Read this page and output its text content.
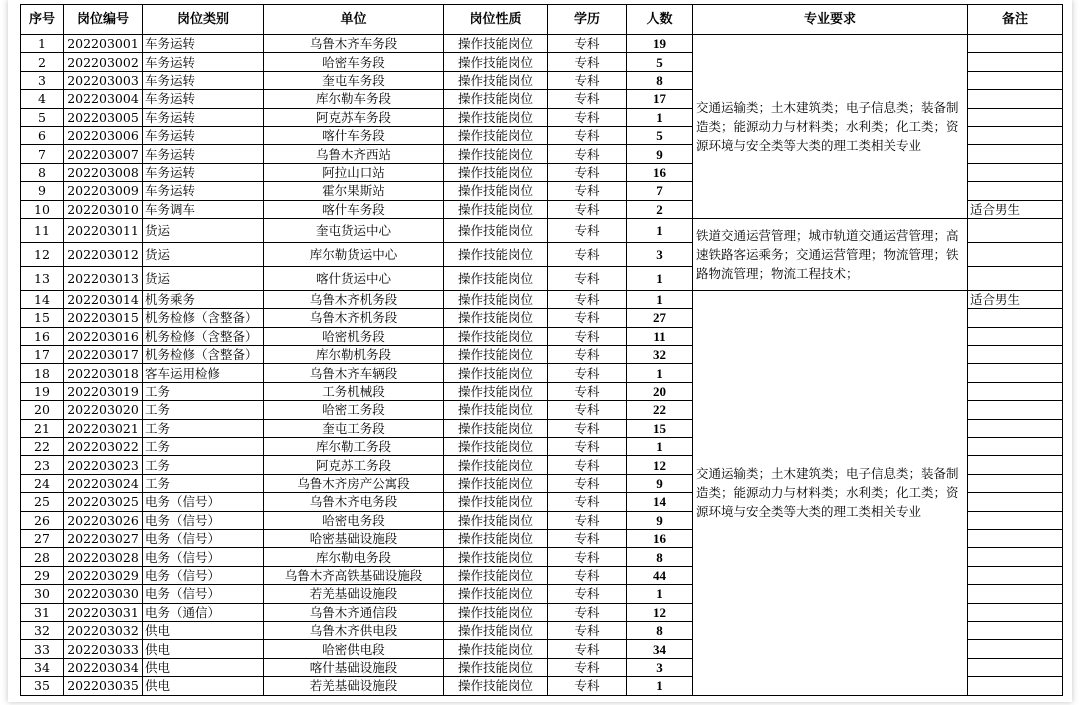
序号	岗位编号	岗位类别	单位	岗位性质	学历	人数	专业要求	备注
1	202203001	车务运转	乌鲁木齐车务段	操作技能岗位	专科	19	交通运输类；土木建筑类；电子信息类；装备制造类；能源动力与材料类；水利类；化工类；资源环境与安全类等大类的理工类相关专业	
2	202203002	车务运转	哈密车务段	操作技能岗位	专科	5		
3	202203003	车务运转	奎屯车务段	操作技能岗位	专科	8		
4	202203004	车务运转	库尔勒车务段	操作技能岗位	专科	17		
5	202203005	车务运转	阿克苏车务段	操作技能岗位	专科	1		
6	202203006	车务运转	喀什车务段	操作技能岗位	专科	5		
7	202203007	车务运转	乌鲁木齐西站	操作技能岗位	专科	9		
8	202203008	车务运转	阿拉山口站	操作技能岗位	专科	16		
9	202203009	车务运转	霍尔果斯站	操作技能岗位	专科	7		
10	202203010	车务调车	喀什车务段	操作技能岗位	专科	2		适合男生
11	202203011	货运	奎屯货运中心	操作技能岗位	专科	1	铁道交通运营管理；城市轨道交通运营管理；高速铁路客运乘务；交通运营管理；物流管理；铁路物流管理；物流工程技术；	
12	202203012	货运	库尔勒货运中心	操作技能岗位	专科	3		
13	202203013	货运	喀什货运中心	操作技能岗位	专科	1		
14	202203014	机务乘务	乌鲁木齐机务段	操作技能岗位	专科	1	交通运输类；土木建筑类；电子信息类；装备制造类；能源动力与材料类；水利类；化工类；资源环境与安全类等大类的理工类相关专业	适合男生
15	202203015	机务检修（含整备）	乌鲁木齐机务段	操作技能岗位	专科	27		
16	202203016	机务检修（含整备）	哈密机务段	操作技能岗位	专科	11		
17	202203017	机务检修（含整备）	库尔勒机务段	操作技能岗位	专科	32		
18	202203018	客车运用检修	乌鲁木齐车辆段	操作技能岗位	专科	1		
19	202203019	工务	工务机械段	操作技能岗位	专科	20		
20	202203020	工务	哈密工务段	操作技能岗位	专科	22		
21	202203021	工务	奎屯工务段	操作技能岗位	专科	15		
22	202203022	工务	库尔勒工务段	操作技能岗位	专科	1		
23	202203023	工务	阿克苏工务段	操作技能岗位	专科	12		
24	202203024	工务	乌鲁木齐房产公寓段	操作技能岗位	专科	9		
25	202203025	电务（信号）	乌鲁木齐电务段	操作技能岗位	专科	14		
26	202203026	电务（信号）	哈密电务段	操作技能岗位	专科	9		
27	202203027	电务（信号）	哈密基础设施段	操作技能岗位	专科	16		
28	202203028	电务（信号）	库尔勒电务段	操作技能岗位	专科	8		
29	202203029	电务（信号）	乌鲁木齐高铁基础设施段	操作技能岗位	专科	44		
30	202203030	电务（信号）	若羌基础设施段	操作技能岗位	专科	1		
31	202203031	电务（通信）	乌鲁木齐通信段	操作技能岗位	专科	12		
32	202203032	供电	乌鲁木齐供电段	操作技能岗位	专科	8		
33	202203033	供电	哈密供电段	操作技能岗位	专科	34		
34	202203034	供电	喀什基础设施段	操作技能岗位	专科	3		
35	202203035	供电	若羌基础设施段	操作技能岗位	专科	1		
